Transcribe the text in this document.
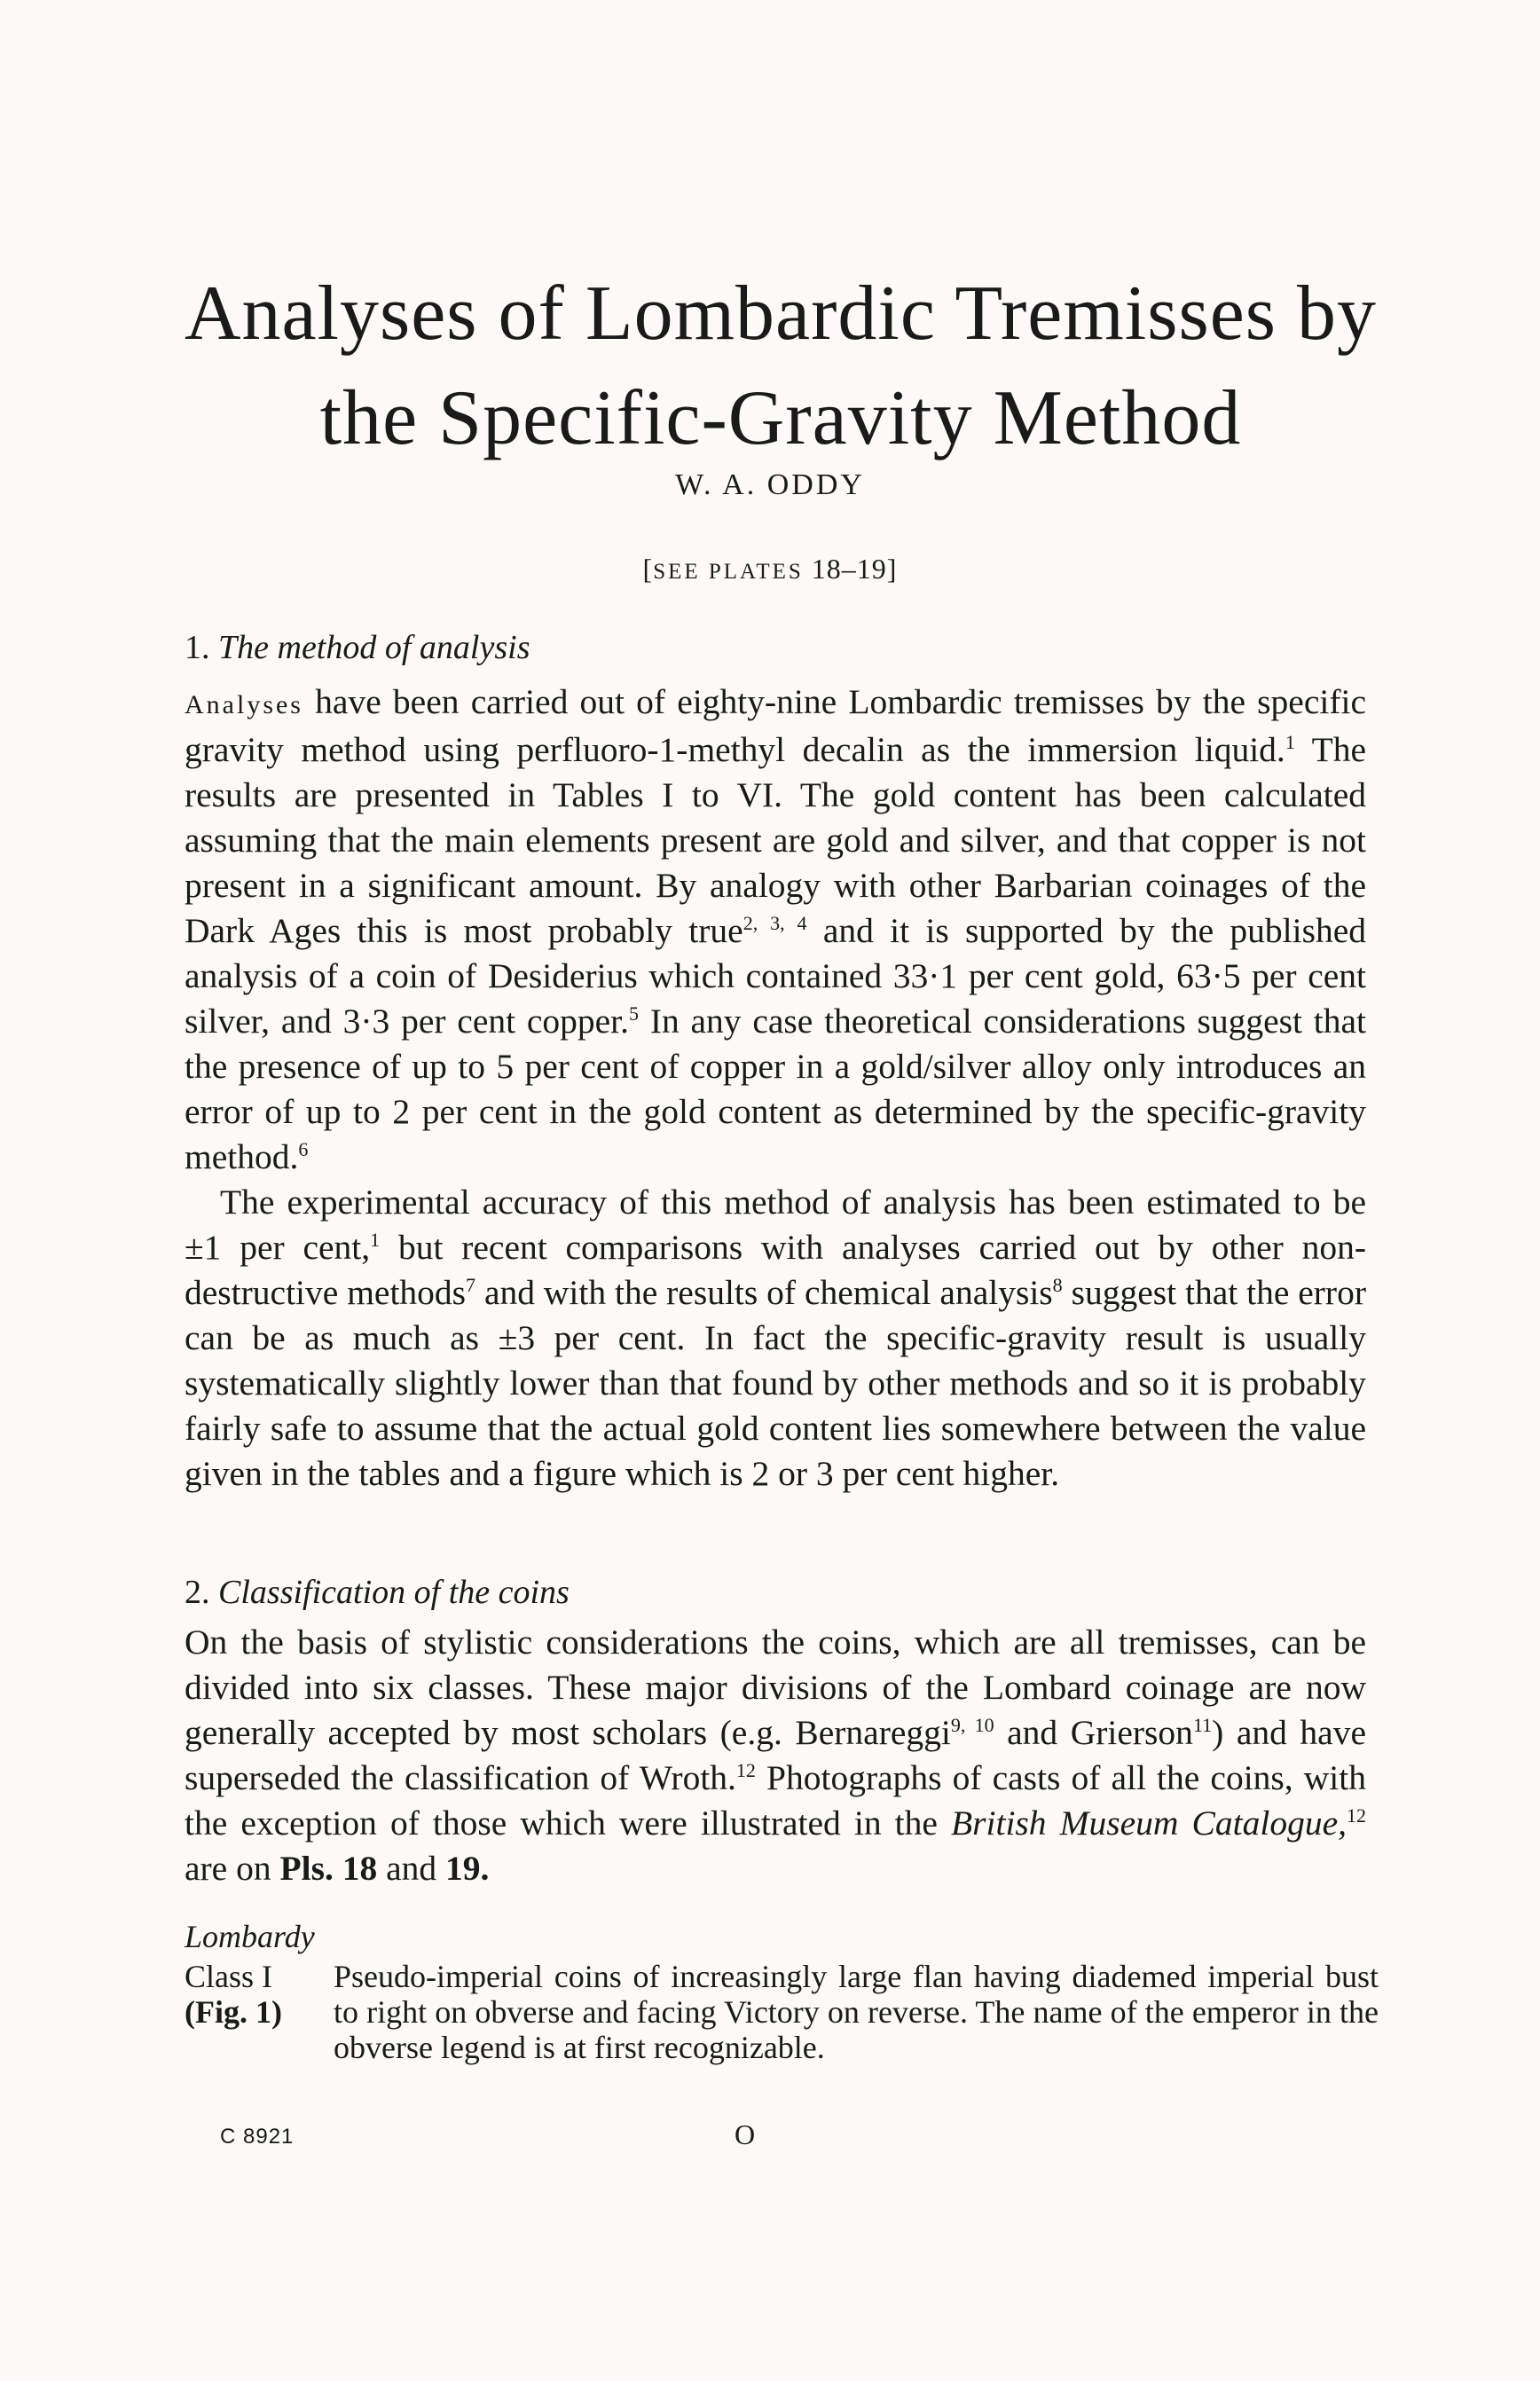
Analyses of Lombardic Tremisses by
the Specific-Gravity Method
W. A. ODDY
[SEE PLATES 18–19]
1. The method of analysis

Analyses have been carried out of eighty-nine Lombardic tremisses by the specific gravity method using perfluoro-1-methyl decalin as the immersion liquid.$^1$ The results are presented in Tables I to VI. The gold content has been calculated assuming that the main elements present are gold and silver, and that copper is not present in a significant amount. By analogy with other Barbarian coinages of the Dark Ages this is most probably true$^{2, 3, 4}$ and it is supported by the published analysis of a coin of Desiderius which contained 33·1 per cent gold, 63·5 per cent silver, and 3·3 per cent copper.$^5$ In any case theoretical considerations suggest that the presence of up to 5 per cent of copper in a gold/silver alloy only introduces an error of up to 2 per cent in the gold content as determined by the specific-gravity method.$^6$

The experimental accuracy of this method of analysis has been estimated to be ±1 per cent,$^1$ but recent comparisons with analyses carried out by other non-destructive methods$^7$ and with the results of chemical analysis$^8$ suggest that the error can be as much as ±3 per cent. In fact the specific-gravity result is usually systematically slightly lower than that found by other methods and so it is probably fairly safe to assume that the actual gold content lies somewhere between the value given in the tables and a figure which is 2 or 3 per cent higher.

2. Classification of the coins

On the basis of stylistic considerations the coins, which are all tremisses, can be divided into six classes. These major divisions of the Lombard coinage are now generally accepted by most scholars (e.g. Bernareggi$^{9, 10}$ and Grierson$^{11}$) and have superseded the classification of Wroth.$^{12}$ Photographs of casts of all the coins, with the exception of those which were illustrated in the British Museum Catalogue,$^{12}$ are on Pls. 18 and 19.

Lombardy
Class I
(Fig. 1)
Pseudo-imperial coins of increasingly large flan having diademed imperial bust to right on obverse and facing Victory on reverse. The name of the emperor in the obverse legend is at first recognizable.
C 8921	O
